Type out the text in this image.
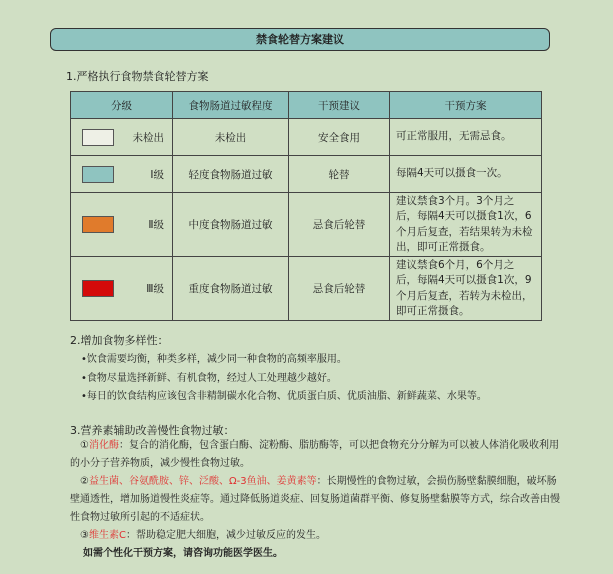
禁食轮替方案建议
1.严格执行食物禁食轮替方案
分级	食物肠道过敏程度	干预建议	干预方案

未检出	未检出	安全食用	可正常服用，无需忌食。

Ⅰ级	轻度食物肠道过敏	轮替	每隔4天可以摄食一次。

Ⅱ级	中度食物肠道过敏	忌食后轮替	建议禁食3个月。3个月之后，每隔4天可以摄食1次，6个月后复查，若结果转为未检出，即可正常摄食。

Ⅲ级	重度食物肠道过敏	忌食后轮替	建议禁食6个月，6个月之后，每隔4天可以摄食1次，9个月后复查，若转为未检出，即可正常摄食。
2.增加食物多样性：
•饮食需要均衡，种类多样，减少同一种食物的高频率服用。
•食物尽量选择新鲜、有机食物，经过人工处理越少越好。
•每日的饮食结构应该包含非精制碳水化合物、优质蛋白质、优质油脂、新鲜蔬菜、水果等。
3.营养素辅助改善慢性食物过敏：
①消化酶：复合的消化酶，包含蛋白酶、淀粉酶、脂肪酶等，可以把食物充分分解为可以被人体消化吸收利用的小分子营养物质，减少慢性食物过敏。
②益生菌、谷氨酰胺、锌、泛酸、Ω-3鱼油、姜黄素等：长期慢性的食物过敏，会损伤肠壁黏膜细胞，破坏肠壁通透性，增加肠道慢性炎症等。通过降低肠道炎症、回复肠道菌群平衡、修复肠壁黏膜等方式，综合改善由慢性食物过敏所引起的不适症状。
③维生素C：帮助稳定肥大细胞，减少过敏反应的发生。
如需个性化干预方案，请咨询功能医学医生。
